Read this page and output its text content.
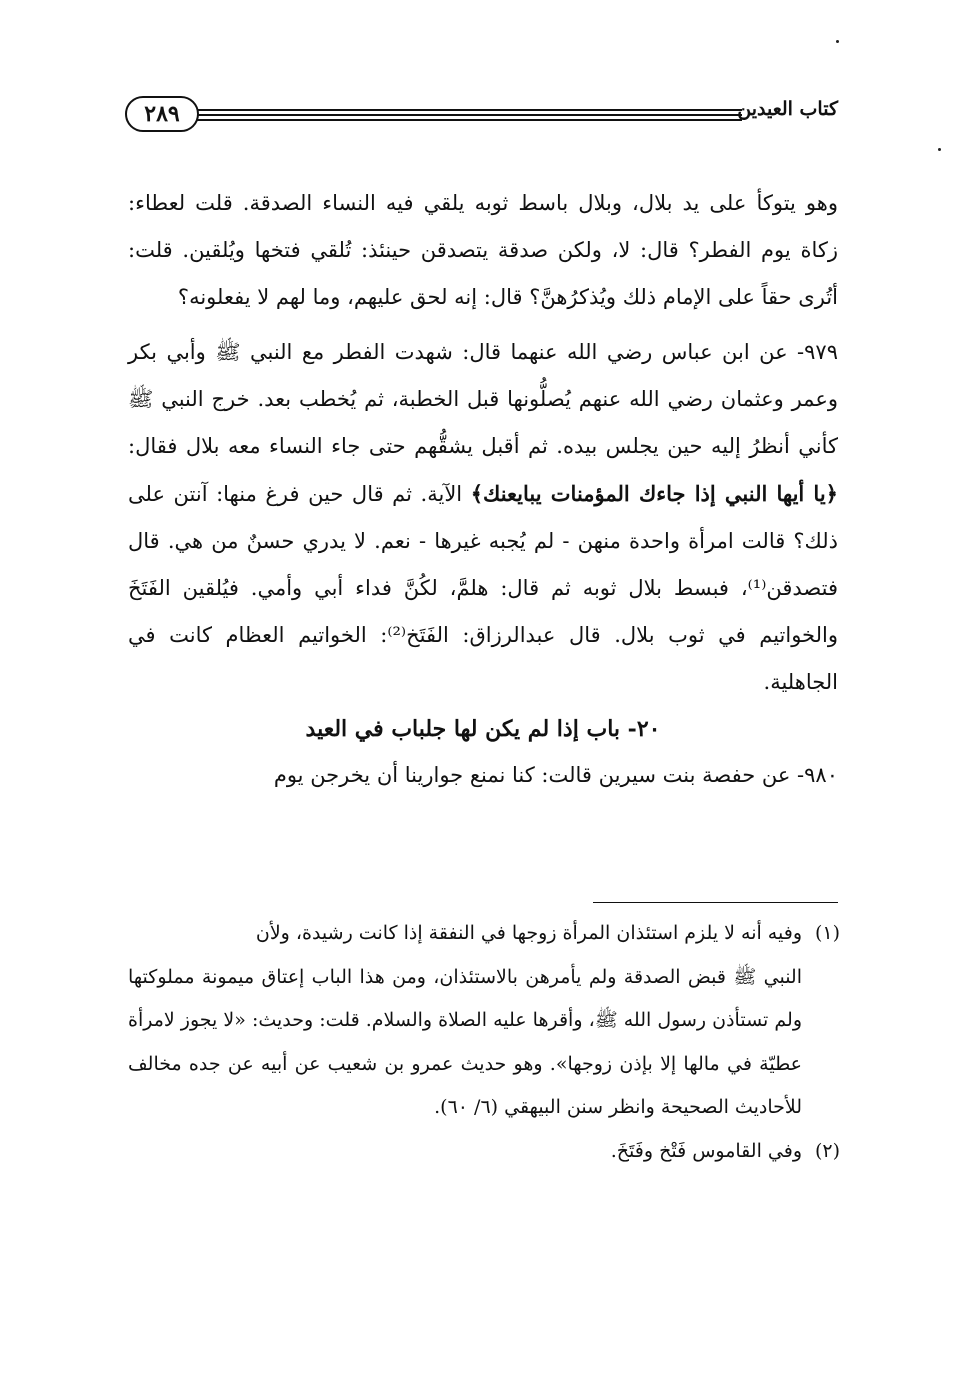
كتاب العيدين
٢٨٩

وهو يتوكأ على يد بلال، وبلال باسط ثوبه يلقي فيه النساء الصدقة. قلت لعطاء: زكاة يوم الفطر؟ قال: لا، ولكن صدقة يتصدقن حينئذ: تُلقي فتخها ويُلقين. قلت: أتُرى حقاً على الإمام ذلك ويُذكرُهنَّ؟ قال: إنه لحق عليهم، وما لهم لا يفعلونه؟

٩٧٩- عن ابن عباس رضي الله عنهما قال: شهدت الفطر مع النبي ﷺ وأبي بكر وعمر وعثمان رضي الله عنهم يُصلُّونها قبل الخطبة، ثم يُخطب بعد. خرج النبي ﷺ كأني أنظرُ إليه حين يجلس بيده. ثم أقبل يشقُّهم حتى جاء النساء معه بلال فقال: ﴿يا أيها النبي إذا جاءك المؤمنات يبايعنك﴾ الآية. ثم قال حين فرغ منها: آنتن على ذلك؟ قالت امرأة واحدة منهن - لم يُجبه غيرها - نعم. لا يدري حسنٌ من هي. قال فتصدقن⁽¹⁾، فبسط بلال ثوبه ثم قال: هلمَّ، لكُنَّ فداء أبي وأمي. فيُلقين الفَتَخَ والخواتيم في ثوب بلال. قال عبدالرزاق: الفَتَخ⁽²⁾: الخواتيم العظام كانت في الجاهلية.

٢٠- باب إذا لم يكن لها جلباب في العيد

٩٨٠- عن حفصة بنت سيرين قالت: كنا نمنع جوارينا أن يخرجن يوم

(١)وفيه أنه لا يلزم استئذان المرأة زوجها في النفقة إذا كانت رشيدة، ولأن
النبي ﷺ قبض الصدقة ولم يأمرهن بالاستئذان، ومن هذا الباب إعتاق ميمونة مملوكتها ولم تستأذن رسول الله ﷺ، وأقرها عليه الصلاة والسلام. قلت: وحديث: «لا يجوز لامرأة عطيّة في مالها إلا بإذن زوجها». وهو حديث عمرو بن شعيب عن أبيه عن جده مخالف للأحاديث الصحيحة وانظر سنن البيهقي (٦/ ٦٠).

(٢)وفي القاموس فَتْخ وفَتَخَ.
